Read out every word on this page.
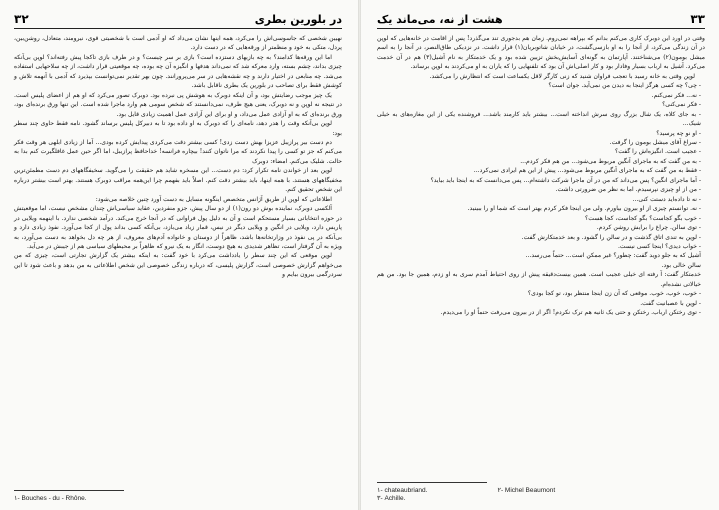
۳۲	در بلورین بطری

نهیین شخصی که جاسوسی‌اش را می‌کرد، همه اینها نشان می‌داد که او آدمی است با شخصیتی قوی، نیرومند، متعادل، روشن‌بین، پردل، متکی به خود و منظمتر از ورقه‌هایی که در دست دارد.

اما این ورقه‌ها کدامند؟ به چه بازیهای دستزده است؟ بازی بر سر چیست؟ و در طرف بازی تاکجا پیش رفته‌اند؟ لوپن بی‌آنکه چیزی بداند، چشم بسته، وارد معرکه شد که نمی‌داند هدفها و انگیزه آن چه بوده، چه موقعیتی قرار داشت، از چه سلاحهایی استفاده می‌شد. چه منابعی در اختیار دارند و چه نقشه‌هایی در سر می‌پرورانند. چون بهر تقدیر نمی‌توانست بپذیرد که آدمی با آنهمه تلاش و کوشش فقط برای تصاحب در بلورین یک بطری ناقابل باشد.

یک چیز موجب رضایتش بود، و آن اینکه دوبرک به هوشش پی نبرده بود. دوبرک تصور می‌کرد که او هم از اعضای پلیس است. در نتیجه نه لوپن و نه دوبرک، یعنی هیچ طرف، نمی‌دانستند که شخص سومی هم وارد ماجرا شده است. این تنها ورق برنده‌ای بود، ورق برنده‌ای که به او آزادی عمل می‌داد، و او برای این آزادی عمل اهمیت زیادی قایل بود.

لوپن بی‌آنکه وقت را هدر دهد، نامه‌ای را که دوبرک به او داده بود تا به دبیرکل پلیس برساند گشود. نامه فقط حاوی چند سطر بود:

دم دست بیر پرازیبل عزیزا بهش دست زدی! کسی بیشتر دقت می‌کردی پیدایش کرده بودی... آما از زیادی ابلهی هر وقت فکر می‌کنم که جز تو کسی را پیدا نکردند که مرا ناتوان کنند! بیچاره فرانسه! خداحافظ پرازیبل، اما اگر حین عمل غافلگیرت کنم بدا به حالت. شلیک می‌کنم. امضاء: دوبرک

لوپن بعد از خواندن نامه تکرار کرد: دم دست... این مسخره شاید هم حقیقت را می‌گوید. سخیفگاههای دم دست مطمئن‌ترین مخفیگاههای هستند. با همه اینها، باید بیشتر دقت کنم. اصلاً باید بفهمم چرا این‌همه مراقب دوبرک هستند. بهتر است بیشتر درباره این شخص تحقیق کنم.

اطلاعاتی که لوپن از طریق آژانس متخصص اینگونه مسایل به دست آورد چنین خلاصه می‌شود:

آلکسی دوبرک، نماینده بوش دو رون(۱) از دو سال پیش، جزو منفردین، عقاید سیاسی‌اش چندان مشخص نیست، اما موقعیتش در حوزه انتخاباتی بسیار مستحکم است و آن به دلیل پول فراوانی که در آنجا خرج می‌کند. درآمد شخصی ندارد. با اینهمه ویلایی در پاریس دارد، ویلایی در انگین و ویلایی دیگر در نیس، قمار زیاد می‌بازد، بی‌آنکه کسی بداند پول از کجا می‌آورد. نفوذ زیادی دارد و بی‌آنکه در پی نفوذ در وزارتخانه‌ها باشد، ظاهراً از دوستان و خانواده آدم‌های معروف، از هر چه دل بخواهد به دست می‌آورد، به ویژه به آن گرفتار است، تظاهر شدیدی به هیچ دوست، انگار به یک نیرو که ظاهراً بر محیطهای سیاسی هم از جیبش در می‌آید.

لوپن موقعی که این چند سطر را یادداشت می‌کرد با خود گفت: به اینکه بیشتر یک گزارش تجارتی است، چیزی که من می‌خواهم گزارش خصوصی است، گزارش پلیسی، که درباره زندگی خصوصی این شخص اطلاعاتی به من بدهد و باعث شود تا این سردرگمی بیرون بیایم و

۱- Bouches - du - Rhône.
هشت از نه، می‌ماند یک	۳۳

وقتی در اورد این دوبرک کاری می‌کنم بدانم که بپراهه نمی‌روم. زمان هم بدجوری تند می‌گذرد! پس از اقامت در خانه‌هایی که لوپن در آن زندگی می‌کرد، از آنجا را به او بازسی‌گشت، در خیابان شاتوبریان(۱) قرار داشت. در نزدیکی طاق‌النصر، در آنجا را به اسم میشل بومون(۲) می‌شناختند. آپارتمان به گونه‌ای آسایش‌بخش تزیین شده بود و یک خدمتکار به نام آشیل(۳) هم در آن خدمت می‌کرد. آشیل به ارباب بسیار وفادار بود و کار اصلی‌اش آن بود که تلفنهایی را که یاران به او می‌کردند به لوپن برساند.

لوپن وقتی به خانه رسید با تعجب فراوان شنید که زنی کارگر لاقل یکساعت است که انتظارش را می‌کشد.

- چی؟ چه کسی هرگز اینجا به دیدن من نمی‌آید. جوان است؟

- نه... فکر نمی‌کنم.

- فکر نمی‌کنی؟

- به جای کلاه، یک شال بزرگ روی سرش انداخته است... بیشتر باید کارمند باشد... فروشنده یکی از این مغازه‌های به خیلی شیک...

- او نو چه پرسید؟

- سراغ آقای میشل بومون را گرفت.

- عجیب است. انگیزه‌اش را گفت؟

- به من گفت که به ماجرای آنگین مربوط می‌شود... من هم فکر کردم...

- فقط به من گفت که به ماجرای آنگین مربوط می‌شود... پیش از این هم ایرادی نمی‌کرد...

- آما ماجرای انگین؟ پس می‌داند که من در آن ماجرا شرکت داشته‌ام... پس می‌دانست که به اینجا باید بیاید؟

- من از او چیزی نپرسیدم. اما به نظر من ضرورتی داشت.

- نه تا داده‌اید دستت کنی...

- نه. توانستم چیزی از او بیرون بیاورم. ولی من اینجا فکر کردم بهتر است که شما او را ببینید.

- خوب بگو کجاست؟ بگو کجاست، کجا هست؟

- توی سالن. چراغ را برایش روشن کردم.

- لوپن به تندی اتاق گذشت و در سالن را گشود. و بعد خدمتکارش گفت.

- خواب دیدی؟ اینجا کسی نیست.

آشیل که به جلو دوید گفت: چطور؟ غیر ممکن است... حتماً می‌رسد...

سالن خالی بود.

خدمتکار گفت: آ رفته ای خیلی عجیب است. همین بیست‌دقیقه پیش از روی احتیاط آمدم سری به او زدم، همین جا بود. من هم خیالاتی نشده‌ام.

- خوب، خوب، خوب. موقعی که آن زن اینجا منتظر بود، تو کجا بودی؟

- لوپن با عصبانیت گفت.

- توی رختکن ارباب. رختکن و حتی یک ثانیه هم ترک نکردم! اگر از در بیرون می‌رفت حتماً او را می‌دیدم.

۱- chateaubriand.	۲- Michel Beaumont
۳- Achille.
